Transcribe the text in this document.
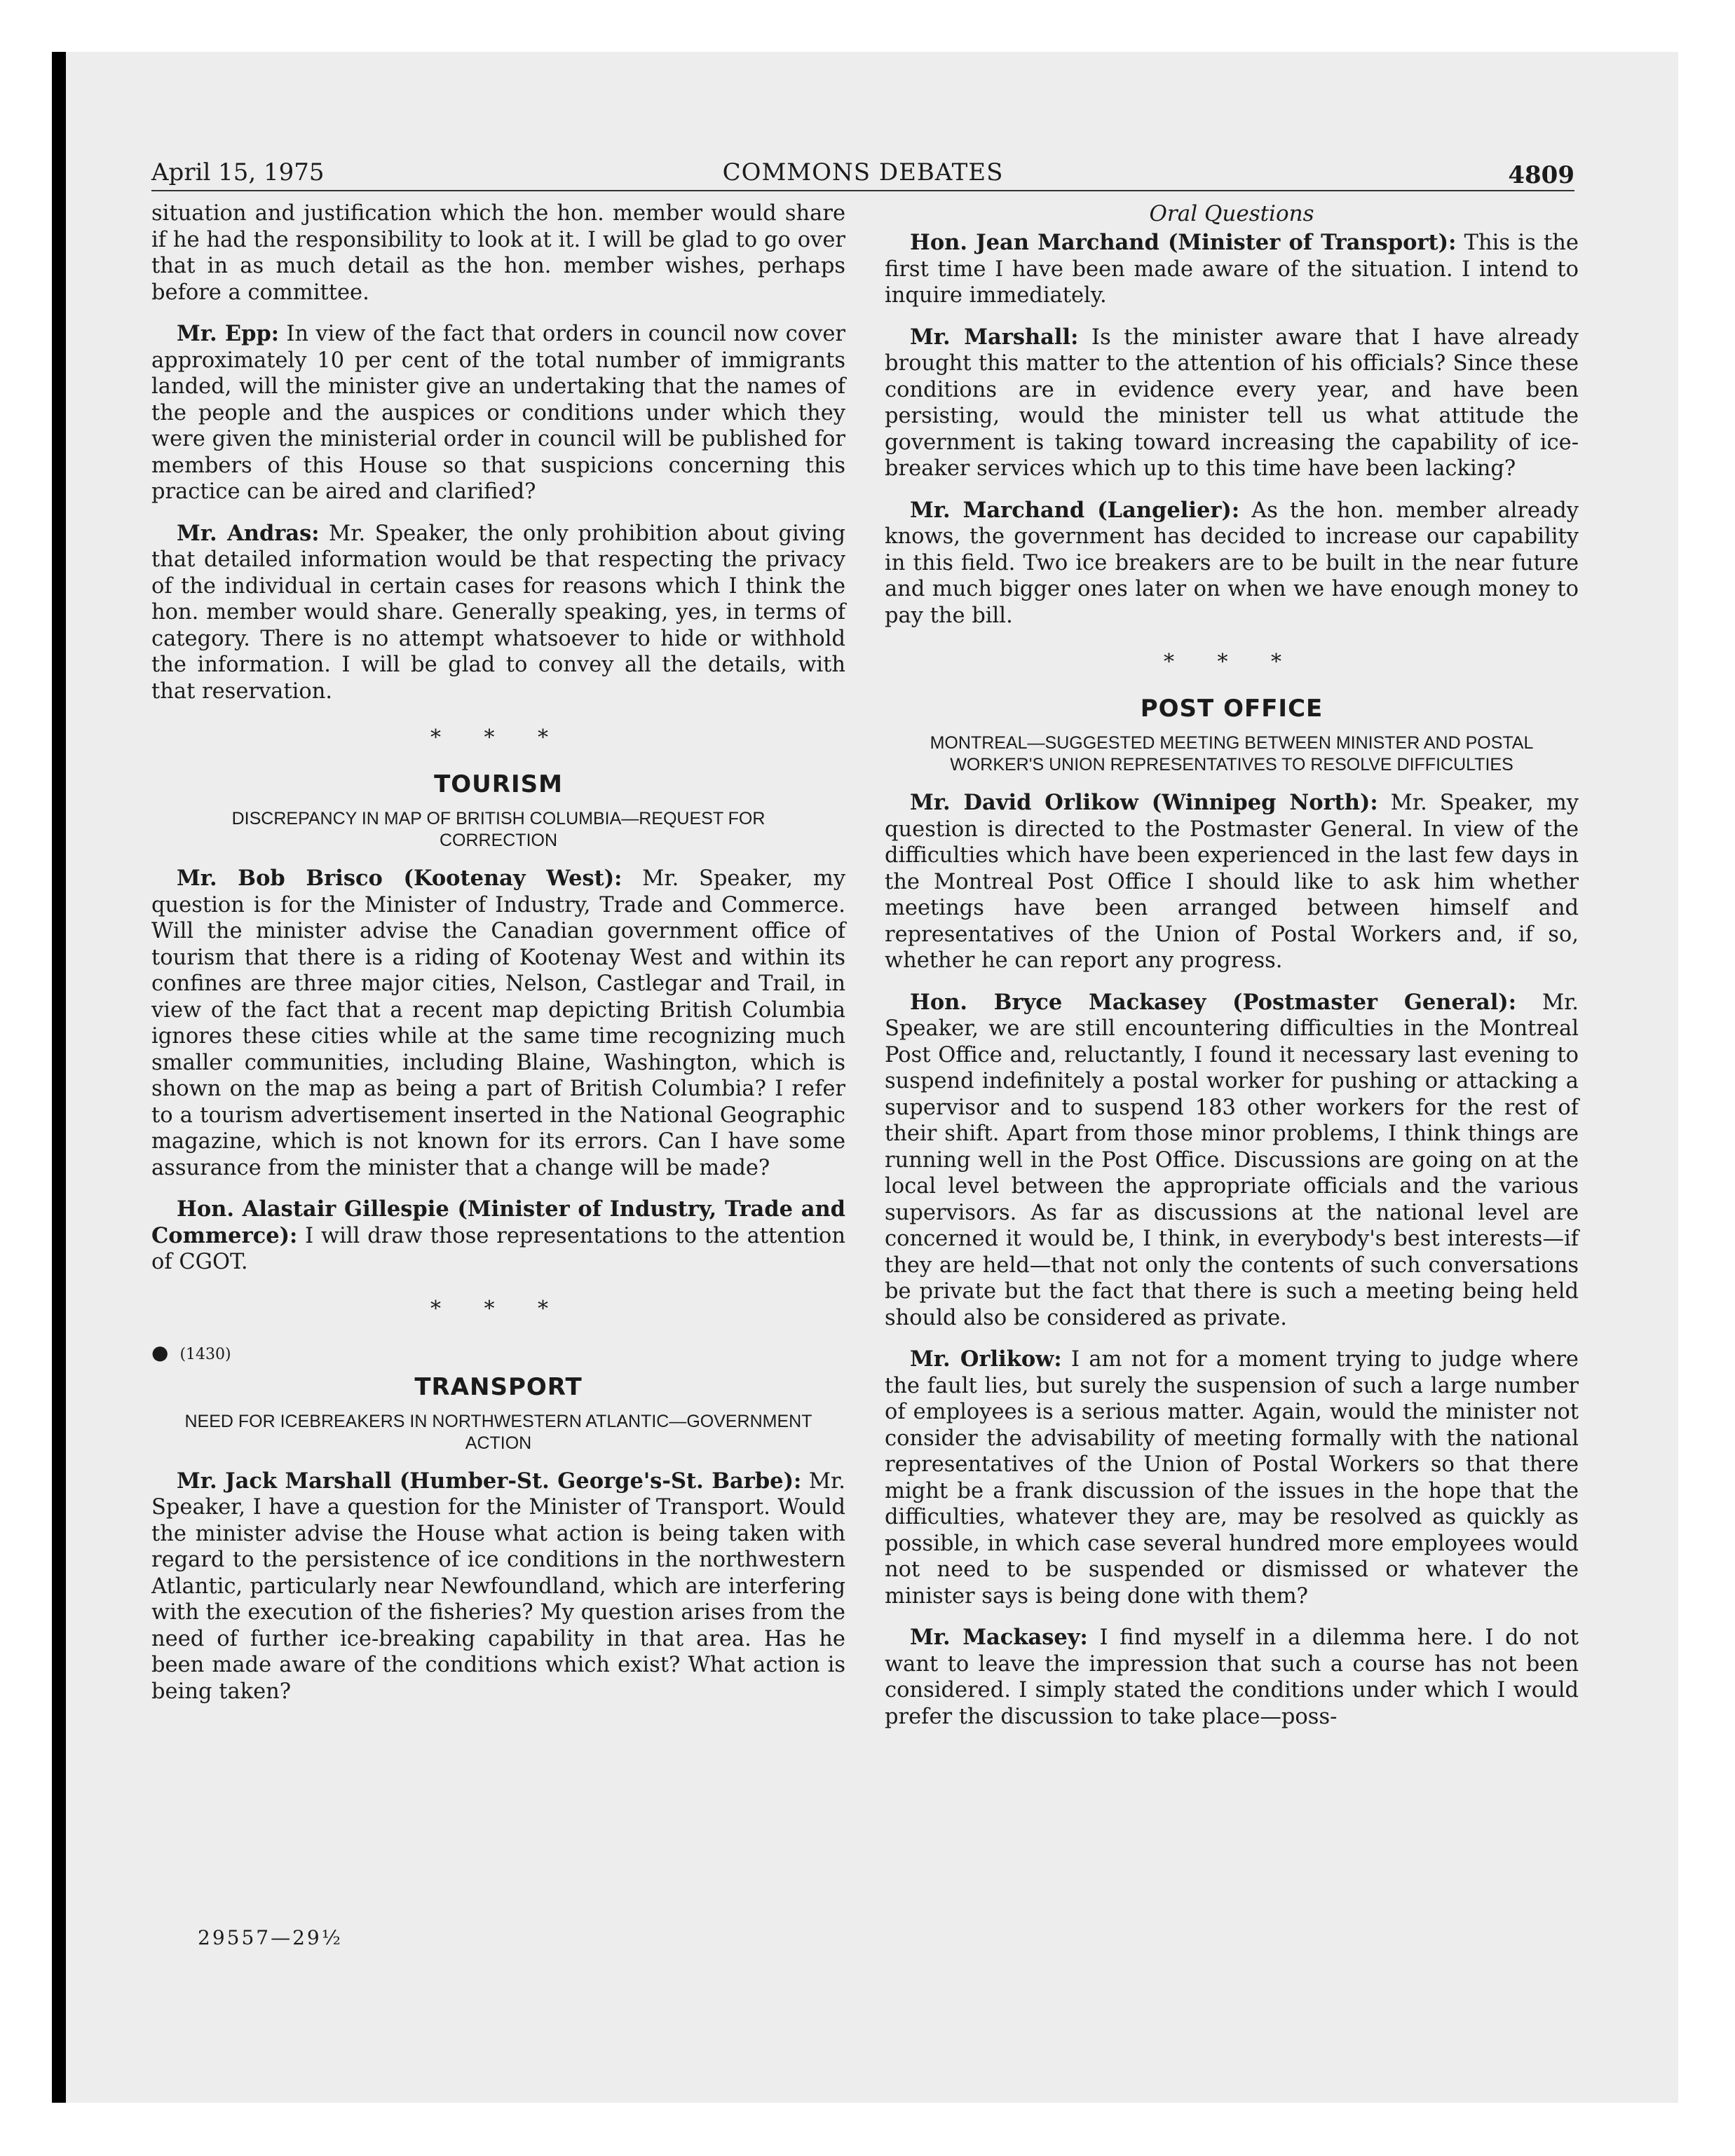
April 15, 1975	COMMONS DEBATES	4809

situation and justification which the hon. member would share if he had the responsibility to look at it. I will be glad to go over that in as much detail as the hon. member wishes, perhaps before a committee.

Mr. Epp: In view of the fact that orders in council now cover approximately 10 per cent of the total number of immigrants landed, will the minister give an undertaking that the names of the people and the auspices or conditions under which they were given the ministerial order in council will be published for members of this House so that suspicions concerning this practice can be aired and clarified?

Mr. Andras: Mr. Speaker, the only prohibition about giving that detailed information would be that respecting the privacy of the individual in certain cases for reasons which I think the hon. member would share. Generally speaking, yes, in terms of category. There is no attempt whatsoever to hide or withhold the information. I will be glad to convey all the details, with that reservation.

* * *
TOURISM
DISCREPANCY IN MAP OF BRITISH COLUMBIA—REQUEST FOR CORRECTION

Mr. Bob Brisco (Kootenay West): Mr. Speaker, my question is for the Minister of Industry, Trade and Commerce. Will the minister advise the Canadian government office of tourism that there is a riding of Kootenay West and within its confines are three major cities, Nelson, Castlegar and Trail, in view of the fact that a recent map depicting British Columbia ignores these cities while at the same time recognizing much smaller communities, including Blaine, Washington, which is shown on the map as being a part of British Columbia? I refer to a tourism advertisement inserted in the National Geographic magazine, which is not known for its errors. Can I have some assurance from the minister that a change will be made?

Hon. Alastair Gillespie (Minister of Industry, Trade and Commerce): I will draw those representations to the attention of CGOT.

* * *
● (1430)
TRANSPORT
NEED FOR ICEBREAKERS IN NORTHWESTERN ATLANTIC—GOVERNMENT ACTION

Mr. Jack Marshall (Humber-St. George's-St. Barbe): Mr. Speaker, I have a question for the Minister of Transport. Would the minister advise the House what action is being taken with regard to the persistence of ice conditions in the northwestern Atlantic, particularly near Newfoundland, which are interfering with the execution of the fisheries? My question arises from the need of further ice-breaking capability in that area. Has he been made aware of the conditions which exist? What action is being taken?

Oral Questions

Hon. Jean Marchand (Minister of Transport): This is the first time I have been made aware of the situation. I intend to inquire immediately.

Mr. Marshall: Is the minister aware that I have already brought this matter to the attention of his officials? Since these conditions are in evidence every year, and have been persisting, would the minister tell us what attitude the government is taking toward increasing the capability of ice-breaker services which up to this time have been lacking?

Mr. Marchand (Langelier): As the hon. member already knows, the government has decided to increase our capability in this field. Two ice breakers are to be built in the near future and much bigger ones later on when we have enough money to pay the bill.

* * *
POST OFFICE
MONTREAL—SUGGESTED MEETING BETWEEN MINISTER AND POSTAL WORKER'S UNION REPRESENTATIVES TO RESOLVE DIFFICULTIES

Mr. David Orlikow (Winnipeg North): Mr. Speaker, my question is directed to the Postmaster General. In view of the difficulties which have been experienced in the last few days in the Montreal Post Office I should like to ask him whether meetings have been arranged between himself and representatives of the Union of Postal Workers and, if so, whether he can report any progress.

Hon. Bryce Mackasey (Postmaster General): Mr. Speaker, we are still encountering difficulties in the Montreal Post Office and, reluctantly, I found it necessary last evening to suspend indefinitely a postal worker for pushing or attacking a supervisor and to suspend 183 other workers for the rest of their shift. Apart from those minor problems, I think things are running well in the Post Office. Discussions are going on at the local level between the appropriate officials and the various supervisors. As far as discussions at the national level are concerned it would be, I think, in everybody's best interests—if they are held—that not only the contents of such conversations be private but the fact that there is such a meeting being held should also be considered as private.

Mr. Orlikow: I am not for a moment trying to judge where the fault lies, but surely the suspension of such a large number of employees is a serious matter. Again, would the minister not consider the advisability of meeting formally with the national representatives of the Union of Postal Workers so that there might be a frank discussion of the issues in the hope that the difficulties, whatever they are, may be resolved as quickly as possible, in which case several hundred more employees would not need to be suspended or dismissed or whatever the minister says is being done with them?

Mr. Mackasey: I find myself in a dilemma here. I do not want to leave the impression that such a course has not been considered. I simply stated the conditions under which I would prefer the discussion to take place—poss-

29557—29½
